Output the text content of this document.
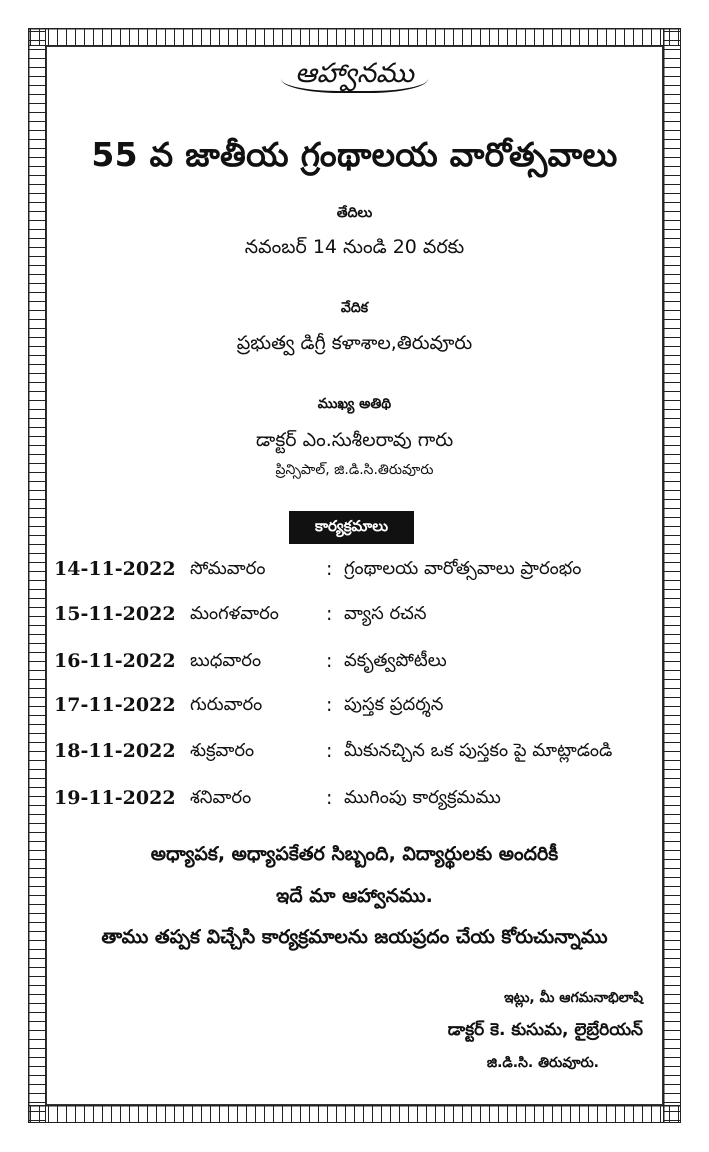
ఆహ్వానము
55 వ జాతీయ గ్రంథాలయ వారోత్సవాలు
తేదిలు
నవంబర్ 14 నుండి 20 వరకు
వేదిక
ప్రభుత్వ డిగ్రీ కళాశాల,తిరువూరు
ముఖ్య అతిథి
డాక్టర్ ఎం.సుశీలరావు గారు
ప్రిన్సిపాల్, జి.డి.సి.తిరువూరు
కార్యక్రమాలు
14-11-2022 సోమవారం	: గ్రంథాలయ వారోత్సవాలు ప్రారంభం
15-11-2022 మంగళవారం : వ్యాస రచన
16-11-2022 బుధవారం	: వకృత్వపోటీలు
17-11-2022 గురువారం	: పుస్తక ప్రదర్శన
18-11-2022 శుక్రవారం	: మీకునచ్చిన ఒక పుస్తకం పై మాట్లాడండి
19-11-2022 శనివారం	: ముగింపు కార్యక్రమము
అధ్యాపక, అధ్యాపకేతర సిబ్బంది, విద్యార్థులకు అందరికీ
ఇదే మా ఆహ్వానము.
తాము తప్పక విచ్చేసి కార్యక్రమాలను జయప్రదం చేయ కోరుచున్నాము
ఇట్లు, మీ ఆగమనాభిలాషి
డాక్టర్ కె. కుసుమ, లైబ్రేరియన్
జి.డి.సి. తిరువూరు.
